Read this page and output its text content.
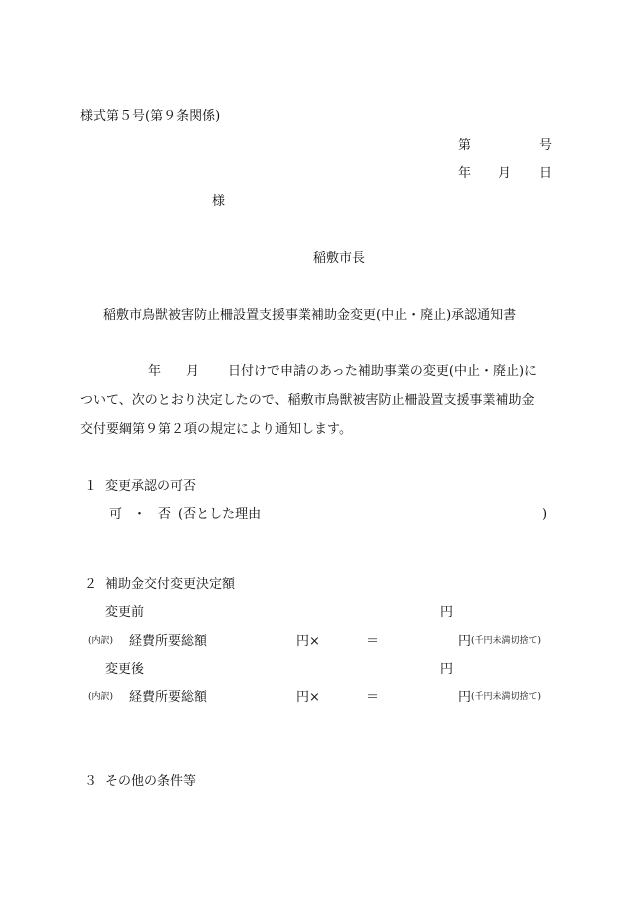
様式第５号(第９条関係)
第	号
年 月 日
様
稲敷市長
稲敷市鳥獣被害防止柵設置支援事業補助金変更(中止・廃止)承認通知書
年 月 日付けで申請のあった補助事業の変更(中止・廃止)に
ついて、次のとおり決定したので、稲敷市鳥獣被害防止柵設置支援事業補助金
交付要綱第９第２項の規定により通知します。
１ 変更承認の可否
可 ・ 否 (否とした理由	)
２ 補助金交付変更決定額
変更前	円
(内訳) 経費所要総額	円×	＝	円 (千円未満切捨て)
変更後	円
(内訳) 経費所要総額	円×	＝	円 (千円未満切捨て)
３ その他の条件等
